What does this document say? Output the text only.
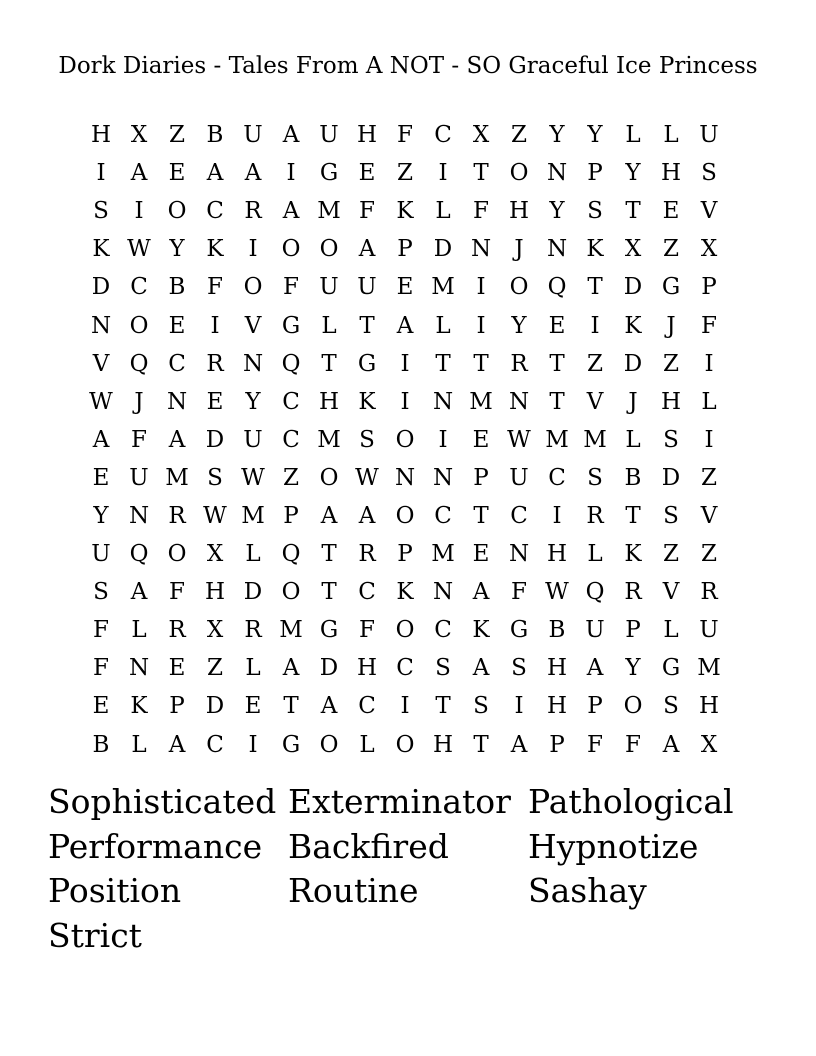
Dork Diaries - Tales From A NOT - SO Graceful Ice Princess
H X Z B U A U H F C X Z Y Y L L U
I	A E A A	I	G E Z	I	T O N P Y H S
S	I	O C R A M F K L F H Y S T E V
K W Y K	I	O O A P D N	J	N K X Z X
D C B F O F U U E M I	O Q T D G P
N O E	I	V G L T A L	I	Y E	I	K	J	F
V Q C R N Q T G	I	T T R T Z D Z	I
W J	N E Y C H K	I	N M N T V	J	H L
A F A D U C M S O	I	E W M M L S	I
E U M S W Z O W N N P U C S B D Z
Y N R W M P A A O C T C	I	R T S V
U Q O X L Q T R P M E N H L K Z Z
S A F H D O T C K N A F W Q R V R
F L R X R M G F O C K G B U P L U
F N E Z L A D H C S A S H A Y G M
E K P D E T A C	I	T S	I	H P O S H
B L A C	I	G O L O H T A P F F A X
Sophisticated Exterminator Pathological
Performance Backfired	Hypnotize
Position	Routine	Sashay
Strict
